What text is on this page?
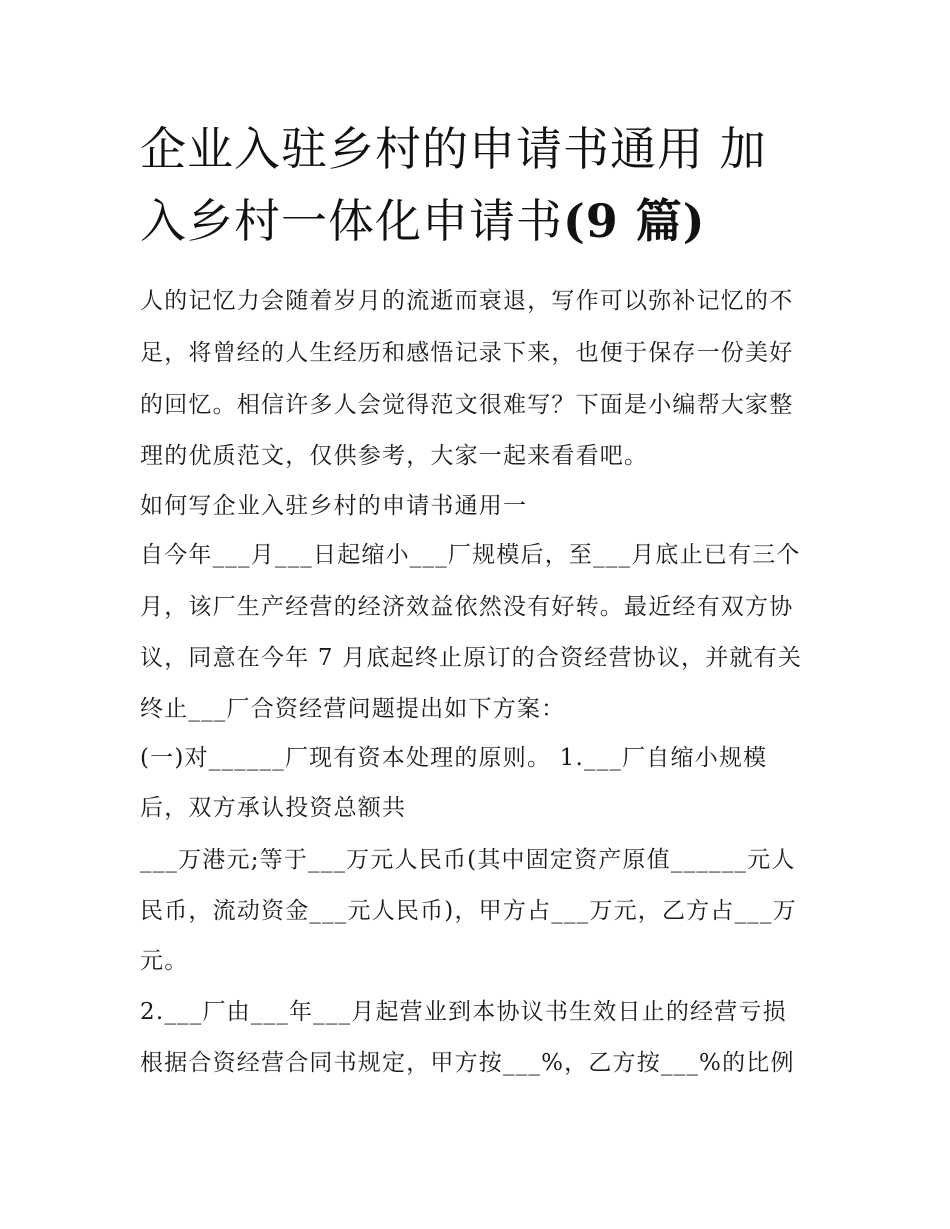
企业入驻乡村的申请书通用 加
入乡村一体化申请书(9 篇)

人的记忆力会随着岁月的流逝而衰退，写作可以弥补记忆的不

足，将曾经的人生经历和感悟记录下来，也便于保存一份美好

的回忆。相信许多人会觉得范文很难写？下面是小编帮大家整

理的优质范文，仅供参考，大家一起来看看吧。

如何写企业入驻乡村的申请书通用一

自今年___月___日起缩小___厂规模后，至___月底止已有三个

月，该厂生产经营的经济效益依然没有好转。最近经有双方协

议，同意在今年 7 月底起终止原订的合资经营协议，并就有关

终止___厂合资经营问题提出如下方案：

(一)对______厂现有资本处理的原则。 1.___厂自缩小规模

后，双方承认投资总额共

___万港元;等于___万元人民币(其中固定资产原值______元人

民币，流动资金___元人民币)，甲方占___万元，乙方占___万

元。

2.___厂由___年___月起营业到本协议书生效日止的经营亏损

根据合资经营合同书规定，甲方按___%，乙方按___%的比例
